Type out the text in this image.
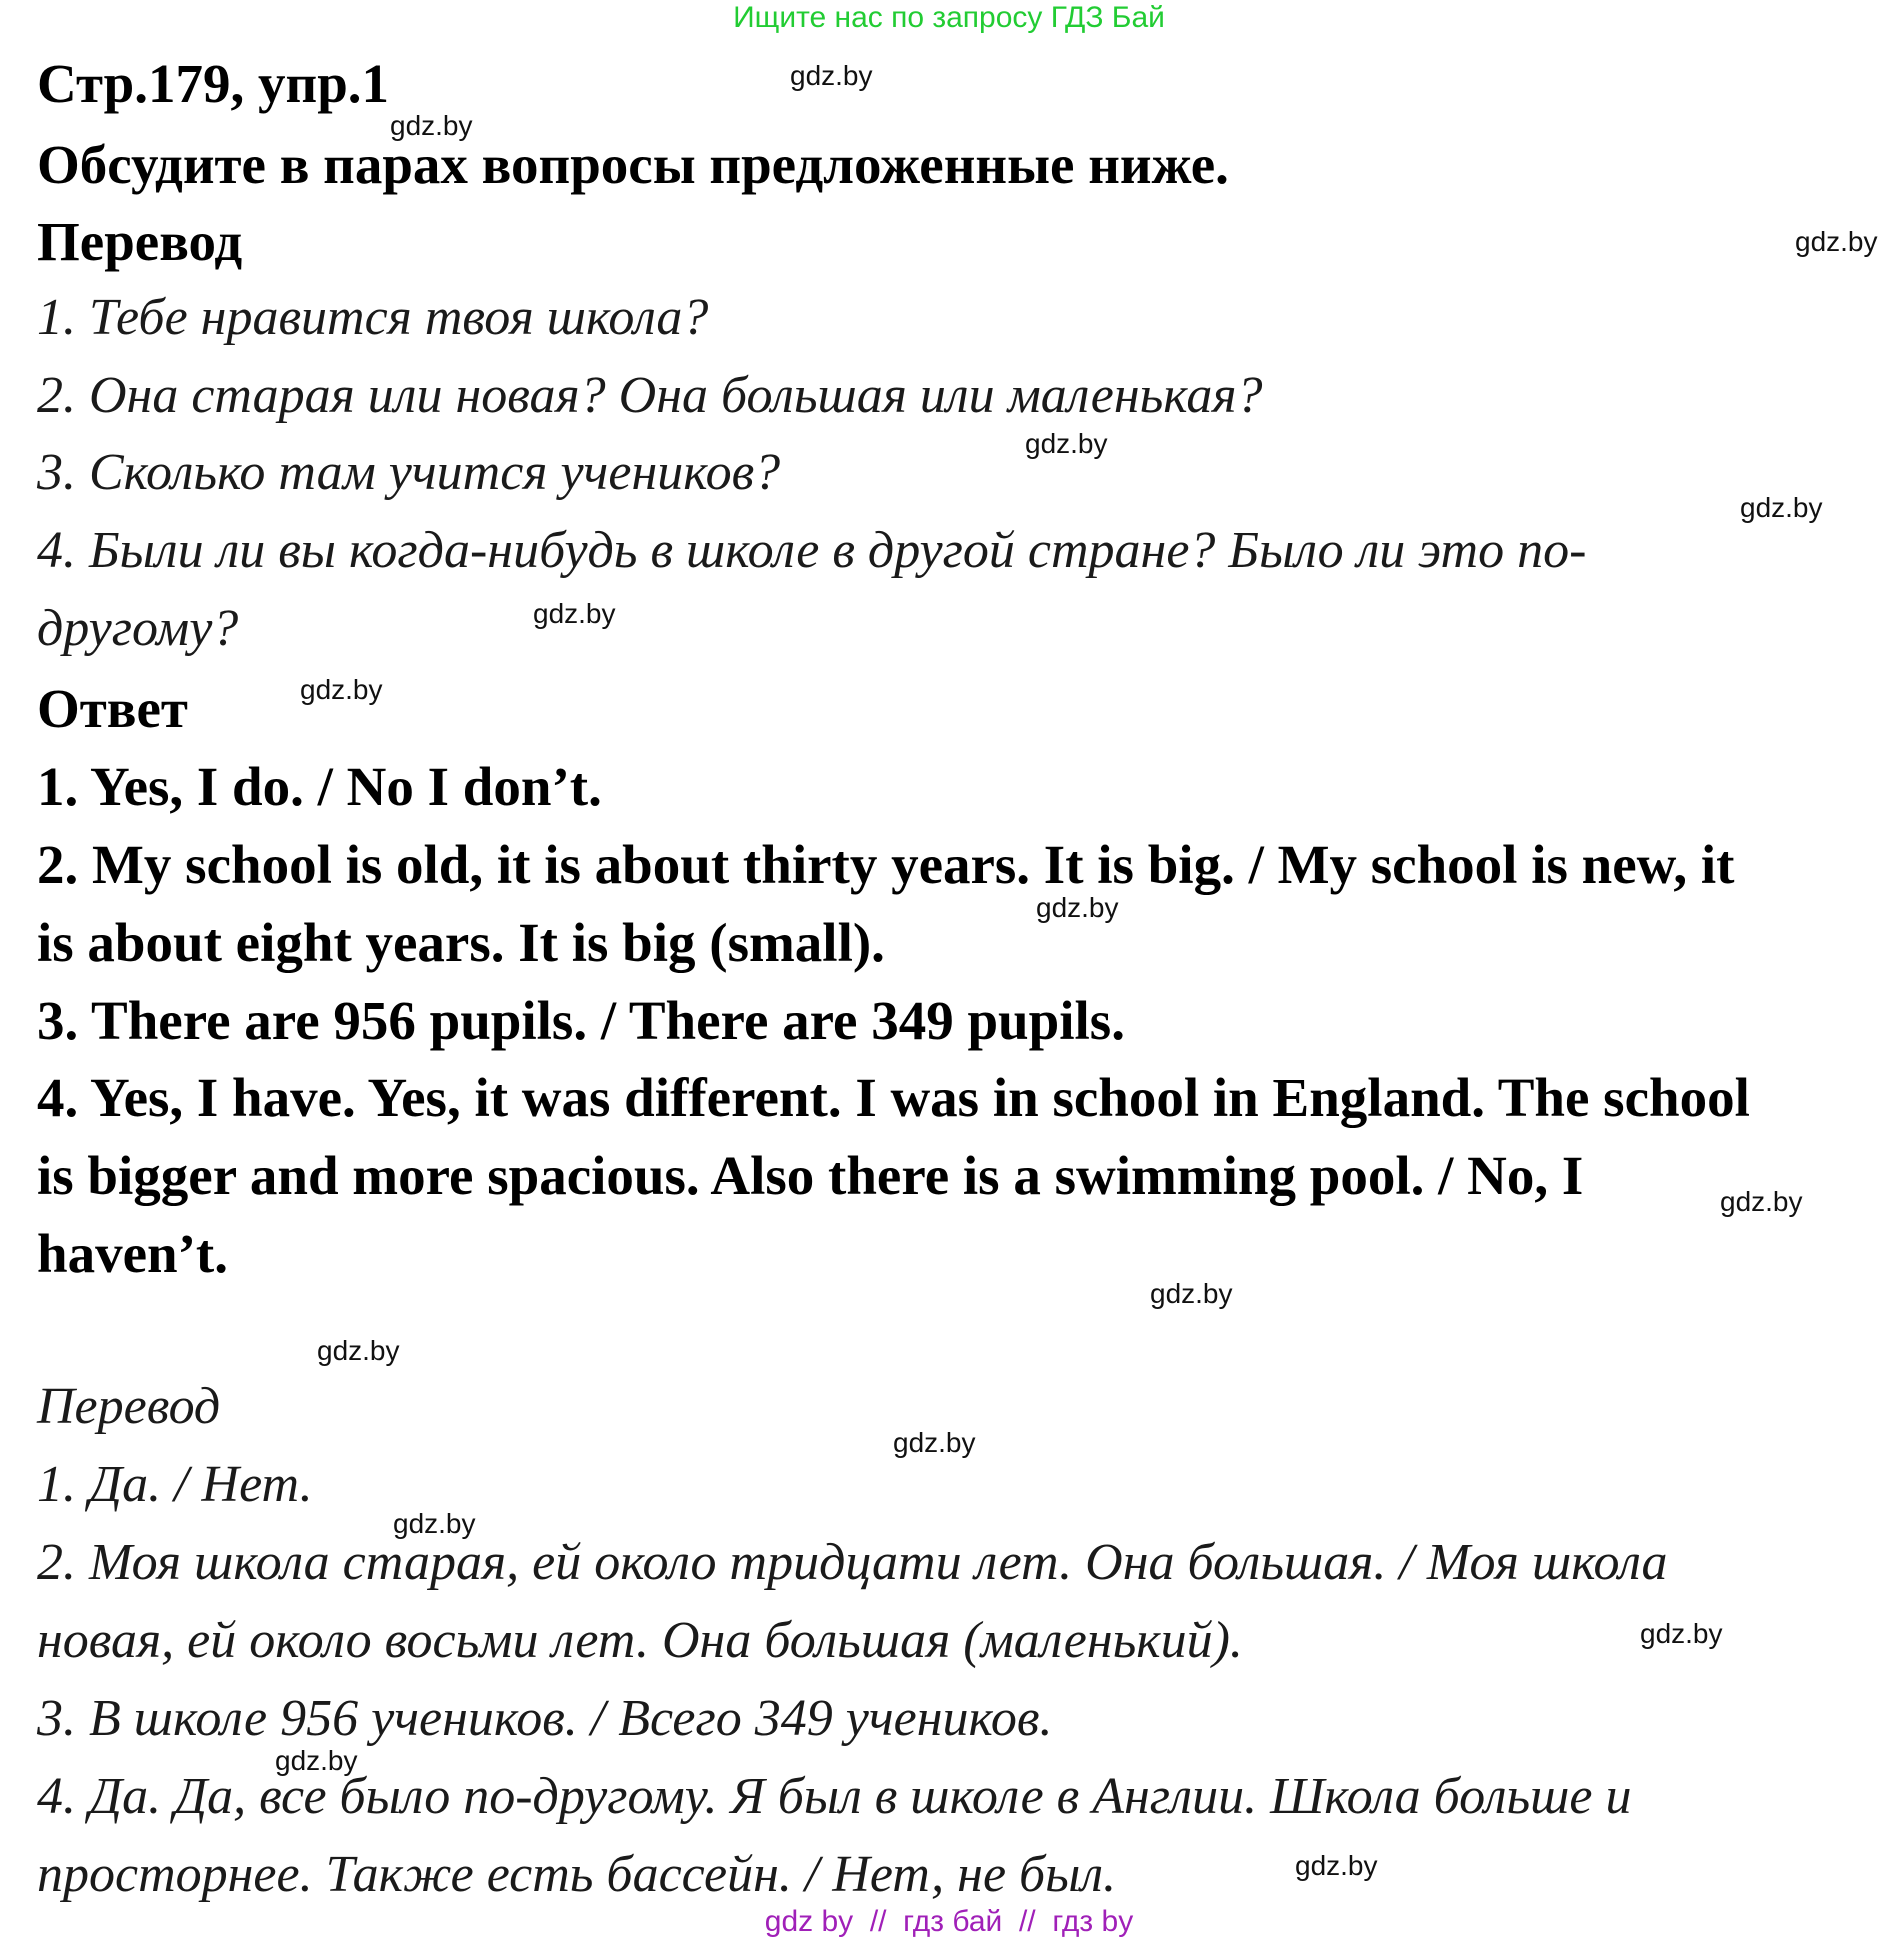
Ищите нас по запросу ГДЗ Бай
Стр.179, упр.1
Обсудите в парах вопросы предложенные ниже.
Перевод
1. Тебе нравится твоя школа?
2. Она старая или новая? Она большая или маленькая?
3. Сколько там учится учеников?
4. Были ли вы когда-нибудь в школе в другой стране? Было ли это по-
другому?
Ответ
1. Yes, I do. / No I don’t.
2. My school is old, it is about thirty years. It is big. / My school is new, it
is about eight years. It is big (small).
3. There are 956 pupils. / There are 349 pupils.
4. Yes, I have. Yes, it was different. I was in school in England. The school
is bigger and more spacious. Also there is a swimming pool. / No, I
haven’t.
Перевод
1. Да. / Нет.
2. Моя школа старая, ей около тридцати лет. Она большая. / Моя школа
новая, ей около восьми лет. Она большая (маленький).
3. В школе 956 учеников. / Всего 349 учеников.
4. Да. Да, все было по-другому. Я был в школе в Англии. Школа больше и
просторнее. Также есть бассейн. / Нет, не был.
gdz.by
gdz.by
gdz.by
gdz.by
gdz.by
gdz.by
gdz.by
gdz.by
gdz.by
gdz.by
gdz.by
gdz.by
gdz.by
gdz.by
gdz.by
gdz.by
gdz by  //  гдз бай  //  гдз by
